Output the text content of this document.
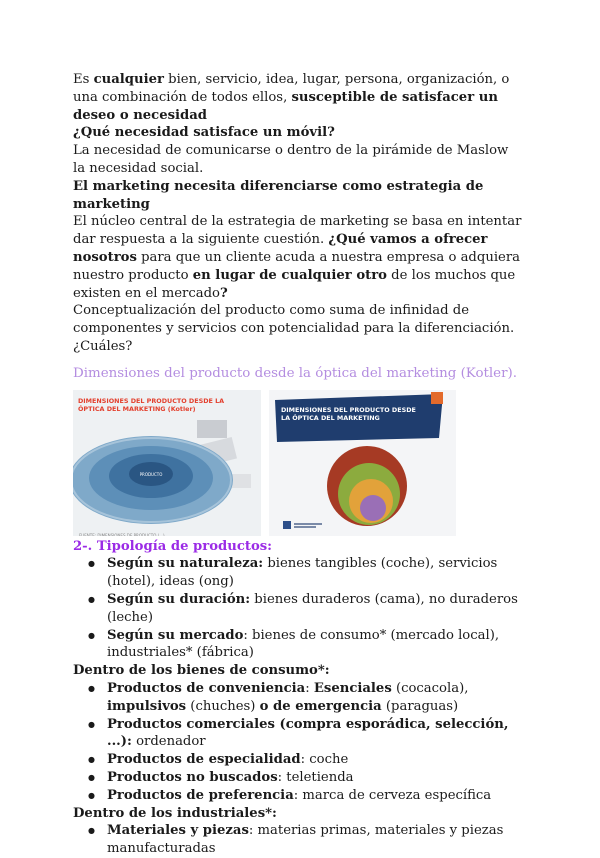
Es cualquier bien, servicio, idea, lugar, persona, organización, o una combinación de todos ellos, susceptible de satisfacer un deseo o necesidad

¿Qué necesidad satisface un móvil?

La necesidad de comunicarse o dentro de la pirámide de Maslow la necesidad social.

El marketing necesita diferenciarse como estrategia de marketing

El núcleo central de la estrategia de marketing se basa en intentar dar respuesta a la siguiente cuestión. ¿Qué vamos a ofrecer nosotros para que un cliente acuda a nuestra empresa o adquiera nuestro producto en lugar de cualquier otro de los muchos que existen en el mercado?

Conceptualización del producto como suma de infinidad de componentes y servicios con potencialidad para la diferenciación. ¿Cuáles?

Dimensiones del producto desde la óptica del marketing (Kotler).

PRODUCTO
DIMENSIONES DEL PRODUCTO DESDE LA ÓPTICA DEL MARKETING (Kotler)
FUENTE: DIMENSIONES DE PRODUCTO (...)
DIMENSIONES DEL PRODUCTO DESDE LA ÓPTICA DEL MARKETING

2-. Tipología de productos:

● Según su naturaleza: bienes tangibles (coche), servicios (hotel), ideas (ong)
● Según su duración: bienes duraderos (cama), no duraderos (leche)
● Según su mercado: bienes de consumo* (mercado local), industriales* (fábrica)

Dentro de los bienes de consumo*:

● Productos de conveniencia: Esenciales (cocacola), impulsivos (chuches) o de emergencia (paraguas)
● Productos comerciales (compra esporádica, selección, ...): ordenador
● Productos de especialidad: coche
● Productos no buscados: teletienda
● Productos de preferencia: marca de cerveza específica

Dentro de los industriales*:

● Materiales y piezas: materias primas, materiales y piezas manufacturadas
